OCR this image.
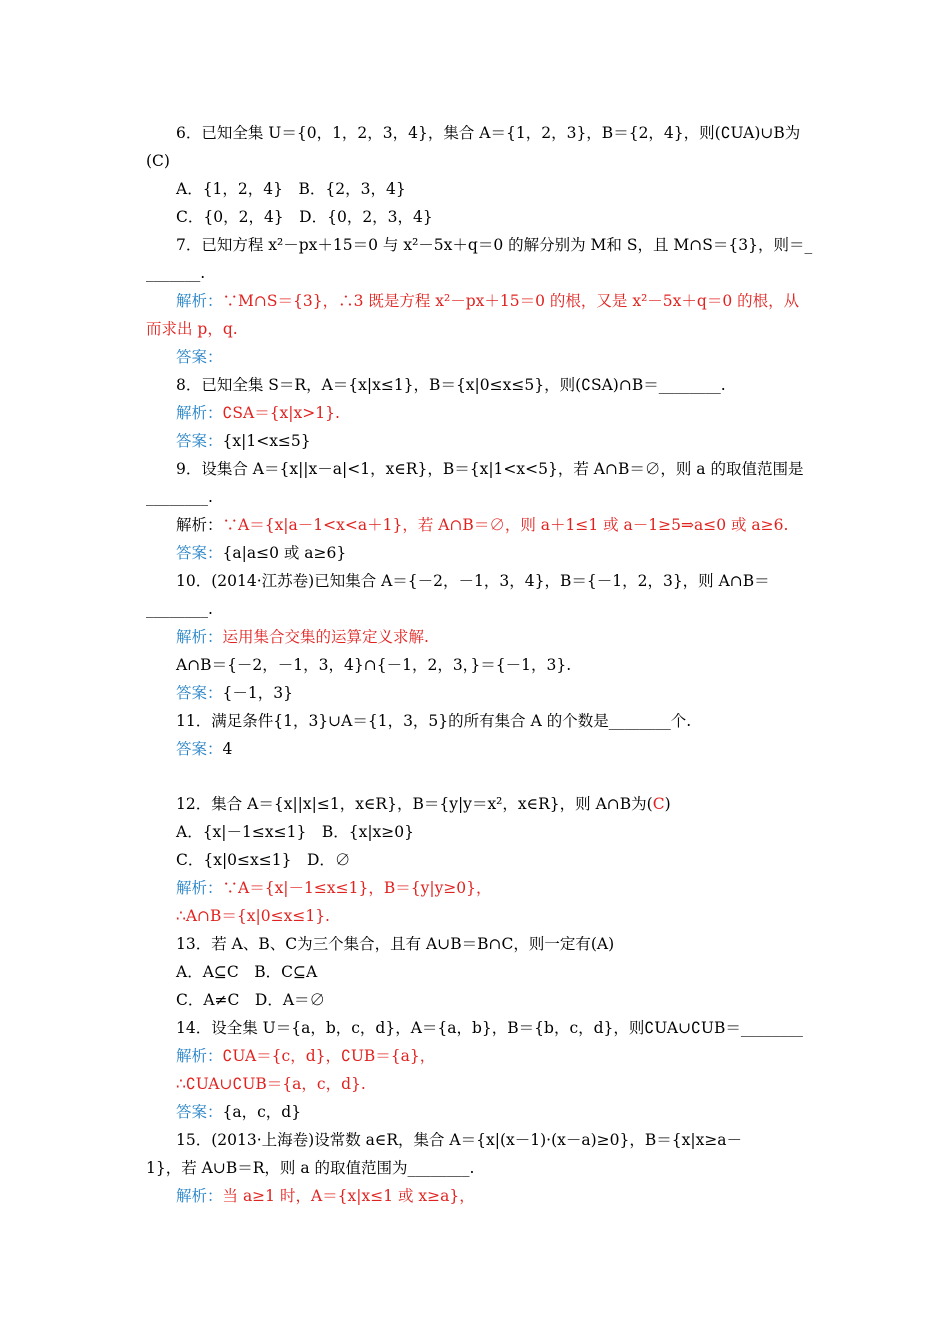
6．已知全集 U＝{0，1，2，3，4}，集合 A＝{1，2，3}，B＝{2，4}，则(∁UA)∪B为
(C)
A．{1，2，4}　B．{2，3，4}
C．{0，2，4}　D．{0，2，3，4}
7．已知方程 x²－px＋15＝0 与 x²－5x＋q＝0 的解分别为 M和 S，且 M∩S＝{3}，则＝_
_______.
解析：∵M∩S＝{3}，∴3 既是方程 x²－px＋15＝0 的根，又是 x²－5x＋q＝0 的根，从
而求出 p，q.
答案：
8．已知全集 S＝R，A＝{x|x≤1}，B＝{x|0≤x≤5}，则(∁SA)∩B＝________.
解析：∁SA＝{x|x>1}.
答案：{x|1<x≤5}
9．设集合 A＝{x||x－a|<1，x∈R}，B＝{x|1<x<5}，若 A∩B＝∅，则 a 的取值范围是
________.
解析：∵A＝{x|a－1<x<a＋1}，若 A∩B＝∅，则 a＋1≤1 或 a－1≥5⇒a≤0 或 a≥6.
答案：{a|a≤0 或 a≥6}
10．(2014·江苏卷)已知集合 A＝{－2，－1，3，4}，B＝{－1，2，3}，则 A∩B＝
________.
解析：运用集合交集的运算定义求解.
A∩B＝{－2，－1，3，4}∩{－1，2，3，}＝{－1，3}.
答案：{－1，3}
11．满足条件{1，3}∪A＝{1，3，5}的所有集合 A 的个数是________个.
答案：4
12．集合 A＝{x||x|≤1，x∈R}，B＝{y|y＝x²，x∈R}，则 A∩B为(C)
A．{x|－1≤x≤1}　B．{x|x≥0}
C．{x|0≤x≤1}　D．∅
解析：∵A＝{x|－1≤x≤1}，B＝{y|y≥0}，
∴A∩B＝{x|0≤x≤1}.
13．若 A、B、C为三个集合，且有 A∪B＝B∩C，则一定有(A)
A．A⊆C　B．C⊆A
C．A≠C　D．A＝∅
14．设全集 U＝{a，b，c，d}，A＝{a，b}，B＝{b，c，d}，则∁UA∪∁UB＝________
解析：∁UA＝{c，d}，∁UB＝{a}，
∴∁UA∪∁UB＝{a，c，d}.
答案：{a，c，d}
15．(2013·上海卷)设常数 a∈R，集合 A＝{x|(x－1)·(x－a)≥0}，B＝{x|x≥a－
1}，若 A∪B＝R，则 a 的取值范围为________.
解析：当 a≥1 时，A＝{x|x≤1 或 x≥a}，
